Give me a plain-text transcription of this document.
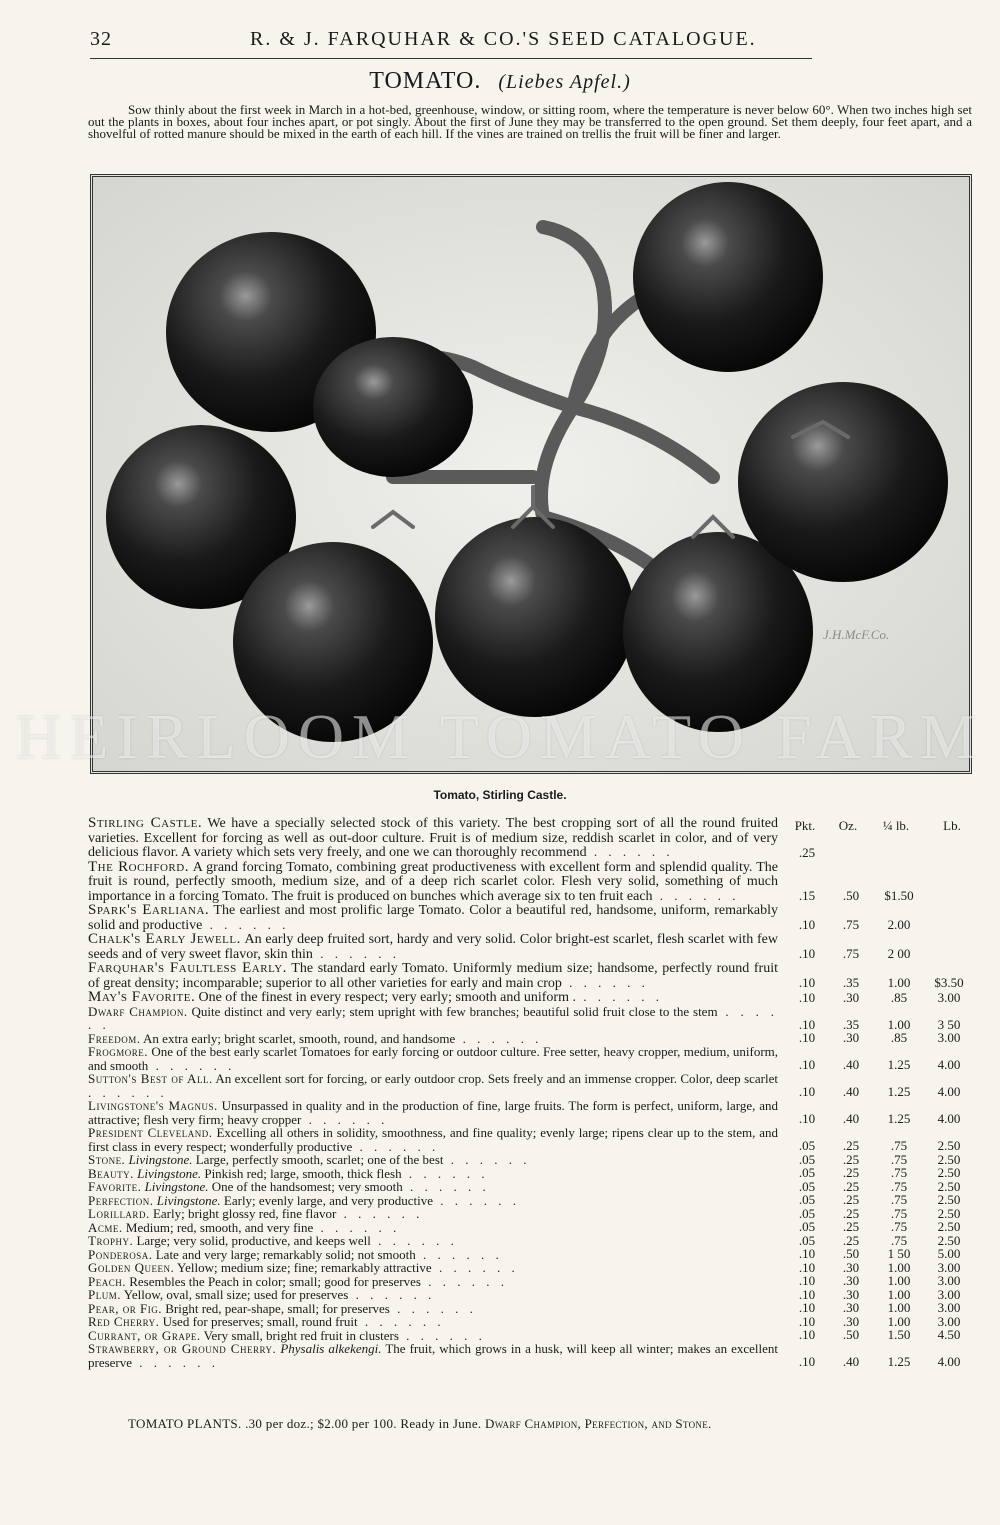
32	R. & J. FARQUHAR & CO.'S SEED CATALOGUE.
TOMATO. (Liebes Apfel.)
Sow thinly about the first week in March in a hot-bed, greenhouse, window, or sitting room, where the temperature is never below 60°. When two inches high set out the plants in boxes, about four inches apart, or pot singly. About the first of June they may be transferred to the open ground. Set them deeply, four feet apart, and a shovelful of rotted manure should be mixed in the earth of each hill. If the vines are trained on trellis the fruit will be finer and larger.
J.H.McF.Co.
HEIRLOOM TOMATO FARM
Tomato, Stirling Castle.
Pkt.	Oz.	¼ lb.	Lb.
Stirling Castle. We have a specially selected stock of this variety. The best cropping sort of all the round fruited varieties. Excellent for forcing as well as out-door culture. Fruit is of medium size, reddish scarlet in color, and of very delicious flavor. A variety which sets very freely, and one we can thoroughly recommend . . . . . .	.25
The Rochford. A grand forcing Tomato, combining great productiveness with excellent form and splendid quality. The fruit is round, perfectly smooth, medium size, and of a deep rich scarlet color. Flesh very solid, something of much importance in a forcing Tomato. The fruit is produced on bunches which average six to ten fruit each . . . . . .	.15	.50	$1.50
Spark's Earliana. The earliest and most prolific large Tomato. Color a beautiful red, handsome, uniform, remarkably solid and productive . . . . . .	.10	.75	2.00
Chalk's Early Jewell. An early deep fruited sort, hardy and very solid. Color bright-est scarlet, flesh scarlet with few seeds and of very sweet flavor, skin thin . . . . . .	.10	.75	2 00
Farquhar's Faultless Early. The standard early Tomato. Uniformly medium size; handsome, perfectly round fruit of great density; incomparable; superior to all other varieties for early and main crop . . . . . .	.10	.35	1.00	$3.50
May's Favorite. One of the finest in every respect; very early; smooth and uniform . . . . . . .	.10	.30	.85	3.00
Dwarf Champion. Quite distinct and very early; stem upright with few branches; beautiful solid fruit close to the stem . . . . . .	.10	.35	1.00	3 50
Freedom. An extra early; bright scarlet, smooth, round, and handsome . . . . . .	.10	.30	.85	3.00
Frogmore. One of the best early scarlet Tomatoes for early forcing or outdoor culture. Free setter, heavy cropper, medium, uniform, and smooth . . . . . .	.10	.40	1.25	4.00
Sutton's Best of All. An excellent sort for forcing, or early outdoor crop. Sets freely and an immense cropper. Color, deep scarlet . . . . . .	.10	.40	1.25	4.00
Livingstone's Magnus. Unsurpassed in quality and in the production of fine, large fruits. The form is perfect, uniform, large, and attractive; flesh very firm; heavy cropper . . . . . .	.10	.40	1.25	4.00
President Cleveland. Excelling all others in solidity, smoothness, and fine quality; evenly large; ripens clear up to the stem, and first class in every respect; wonderfully productive . . . . . .	.05	.25	.75	2.50
Stone. Livingstone. Large, perfectly smooth, scarlet; one of the best . . . . . .	.05	.25	.75	2.50
Beauty. Livingstone. Pinkish red; large, smooth, thick flesh . . . . . .	.05	.25	.75	2.50
Favorite. Livingstone. One of the handsomest; very smooth . . . . . .	.05	.25	.75	2.50
Perfection. Livingstone. Early; evenly large, and very productive . . . . . .	.05	.25	.75	2.50
Lorillard. Early; bright glossy red, fine flavor . . . . . .	.05	.25	.75	2.50
Acme. Medium; red, smooth, and very fine . . . . . .	.05	.25	.75	2.50
Trophy. Large; very solid, productive, and keeps well . . . . . .	.05	.25	.75	2.50
Ponderosa. Late and very large; remarkably solid; not smooth . . . . . .	.10	.50	1 50	5.00
Golden Queen. Yellow; medium size; fine; remarkably attractive . . . . . .	.10	.30	1.00	3.00
Peach. Resembles the Peach in color; small; good for preserves . . . . . .	.10	.30	1.00	3.00
Plum. Yellow, oval, small size; used for preserves . . . . . .	.10	.30	1.00	3.00
Pear, or Fig. Bright red, pear-shape, small; for preserves . . . . . .	.10	.30	1.00	3.00
Red Cherry. Used for preserves; small, round fruit . . . . . .	.10	.30	1.00	3.00
Currant, or Grape. Very small, bright red fruit in clusters . . . . . .	.10	.50	1.50	4.50
Strawberry, or Ground Cherry. Physalis alkekengi. The fruit, which grows in a husk, will keep all winter; makes an excellent preserve . . . . . .	.10	.40	1.25	4.00
TOMATO PLANTS. .30 per doz.; $2.00 per 100. Ready in June. Dwarf Champion, Perfection, and Stone.
